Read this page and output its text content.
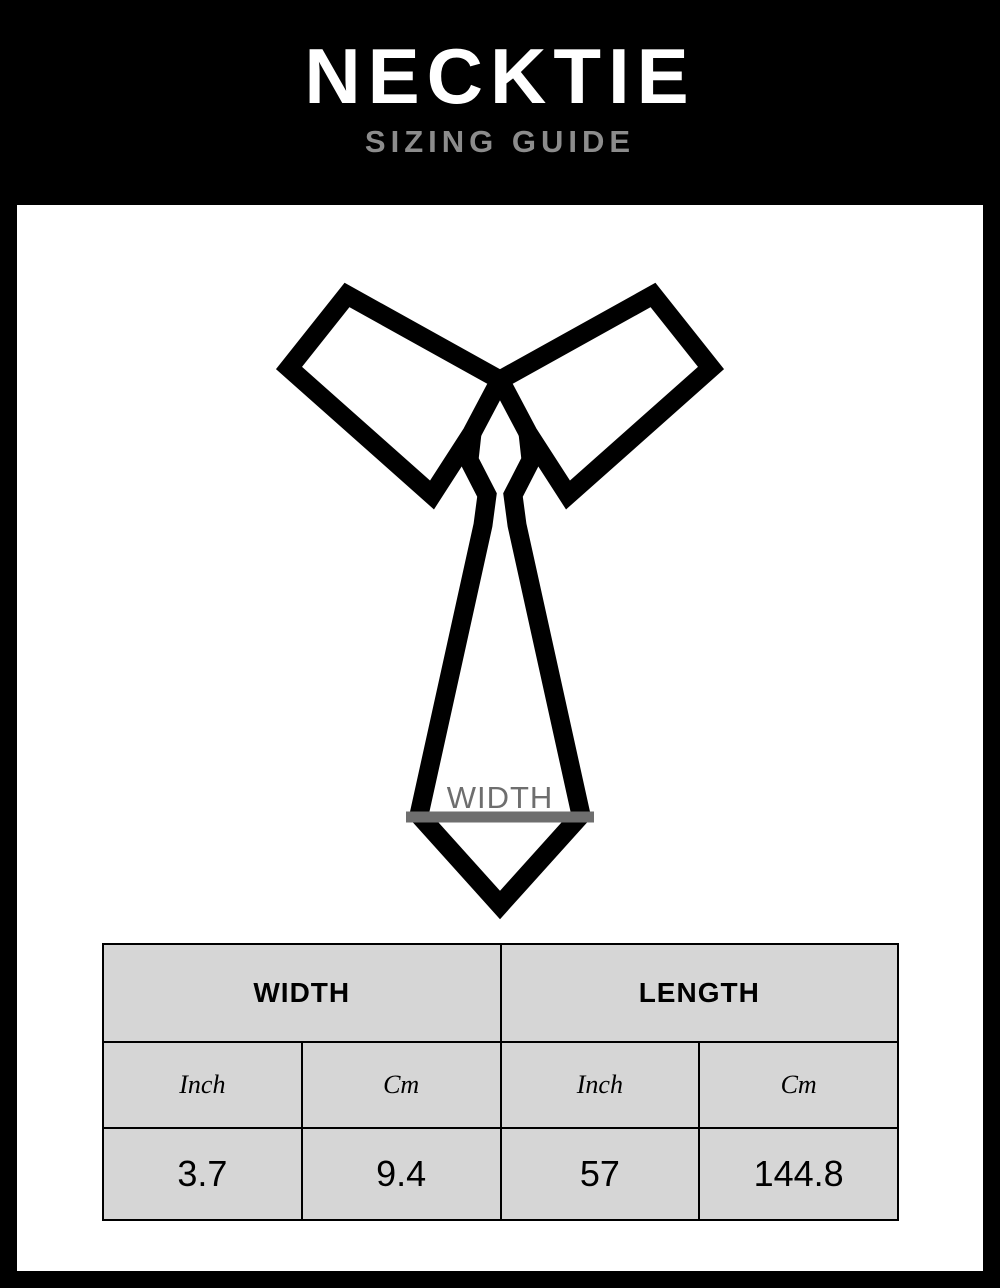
NECKTIE
SIZING GUIDE
WIDTH
WIDTH		LENGTH	
Inch	Cm	Inch	Cm
3.7	9.4	57	144.8
